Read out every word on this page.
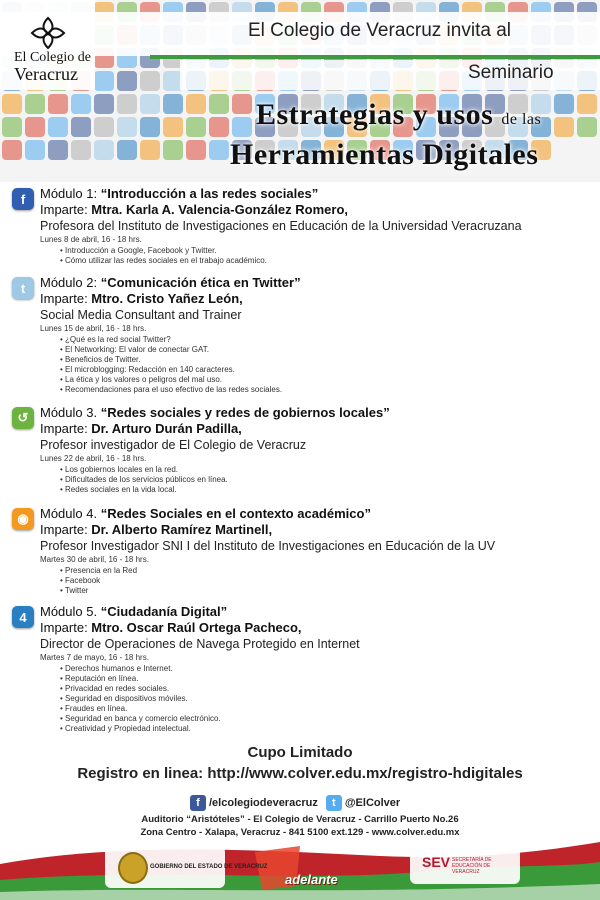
El Colegio de
Veracruz
El Colegio de Veracruz invita al
Seminario
Estrategias y usos de las
Herramientas Digitales
f	Módulo 1: “Introducción a las redes sociales”
Imparte: Mtra. Karla A. Valencia-González Romero,
Profesora del Instituto de Investigaciones en Educación de la Universidad Veracruzana
Lunes 8 de abril, 16 - 18 hrs.
• Introducción a Google, Facebook y Twitter.
• Cómo utilizar las redes sociales en el trabajo académico.
t	Módulo 2: “Comunicación ética en Twitter”
Imparte: Mtro. Cristo Yañez León,
Social Media Consultant and Trainer
Lunes 15 de abril, 16 - 18 hrs.
• ¿Qué es la red social Twitter?
• El Networking: El valor de conectar GAT.
• Beneficios de Twitter.
• El microblogging: Redacción en 140 caracteres.
• La ética y los valores o peligros del mal uso.
• Recomendaciones para el uso efectivo de las redes sociales.
↺ Módulo 3. “Redes sociales y redes de gobiernos locales”
Imparte: Dr. Arturo Durán Padilla,
Profesor investigador de El Colegio de Veracruz
Lunes 22 de abril, 16 - 18 hrs.
• Los gobiernos locales en la red.
• Dificultades de los servicios públicos en línea.
• Redes sociales en la vida local.
◉ Módulo 4. “Redes Sociales en el contexto académico”
Imparte: Dr. Alberto Ramírez Martinell,
Profesor Investigador SNI I del Instituto de Investigaciones en Educación de la UV
Martes 30 de abril, 16 - 18 hrs.
• Presencia en la Red
• Facebook
• Twitter
4	Módulo 5. “Ciudadanía Digital”
Imparte: Mtro. Oscar Raúl Ortega Pacheco,
Director de Operaciones de Navega Protegido en Internet
Martes 7 de mayo, 16 - 18 hrs.
• Derechos humanos e Internet.
• Reputación en línea.
• Privacidad en redes sociales.
• Seguridad en dispositivos móviles.
• Fraudes en línea.
• Seguridad en banca y comercio electrónico.
• Creatividad y Propiedad intelectual.
Cupo Limitado
Registro en linea: http://www.colver.edu.mx/registro-hdigitales
f /elcolegiodeveracruz	t @ElColver
Auditorio “Aristóteles” - El Colegio de Veracruz - Carrillo Puerto No.26
Zona Centro - Xalapa, Veracruz - 841 5100 ext.129 - www.colver.edu.mx
GOBIERNO DEL ESTADO DE VERACRUZ
adelante
SEV SECRETARÍA DE EDUCACIÓN DE VERACRUZ
